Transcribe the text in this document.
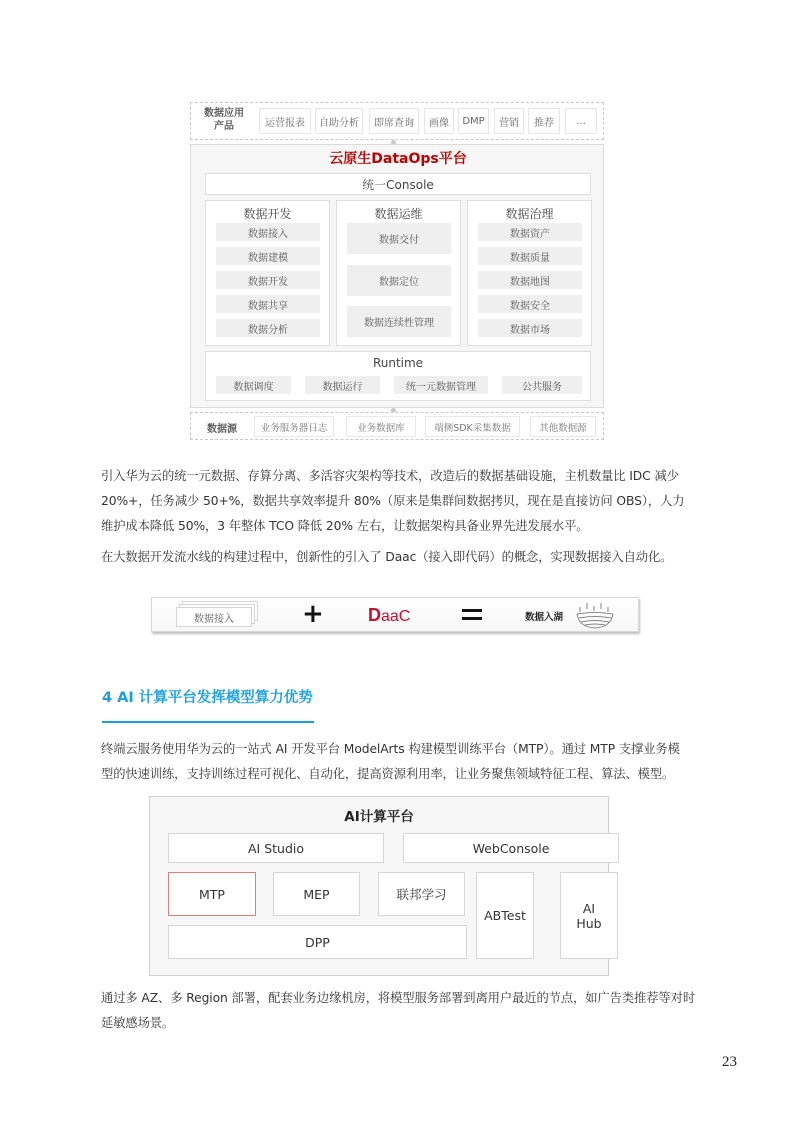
数据应用
产品	运营报表	自助分析	即席查询	画像	DMP	营销	推荐	...
云原生DataOps平台
统一Console
数据开发
数据接入
数据建模
数据开发
数据共享
数据分析
数据运维
数据交付
数据定位
数据连续性管理
数据治理
数据资产
数据质量
数据地图
数据安全
数据市场
Runtime
数据调度	数据运行	统一元数据管理	公共服务
数据源	业务服务器日志	业务数据库	端侧SDK采集数据	其他数据源
引入华为云的统一元数据、存算分离、多活容灾架构等技术，改造后的数据基础设施，主机数量比 IDC 减少
20%+，任务减少 50+%，数据共享效率提升 80%（原来是集群间数据拷贝，现在是直接访问 OBS），人力
维护成本降低 50%，3 年整体 TCO 降低 20% 左右，让数据架构具备业界先进发展水平。
在大数据开发流水线的构建过程中，创新性的引入了 Daac（接入即代码）的概念，实现数据接入自动化。
数据接入	+ DaaC	数据入湖
4 AI 计算平台发挥模型算力优势
终端云服务使用华为云的一站式 AI 开发平台 ModelArts 构建模型训练平台（MTP）。通过 MTP 支撑业务模
型的快速训练，支持训练过程可视化、自动化，提高资源利用率，让业务聚焦领域特征工程、算法、模型。
AI计算平台
AI Studio	WebConsole
MTP	MEP	联邦学习
DPP
ABTest	AI
Hub
通过多 AZ、多 Region 部署，配套业务边缘机房，将模型服务部署到离用户最近的节点，如广告类推荐等对时
延敏感场景。
23
